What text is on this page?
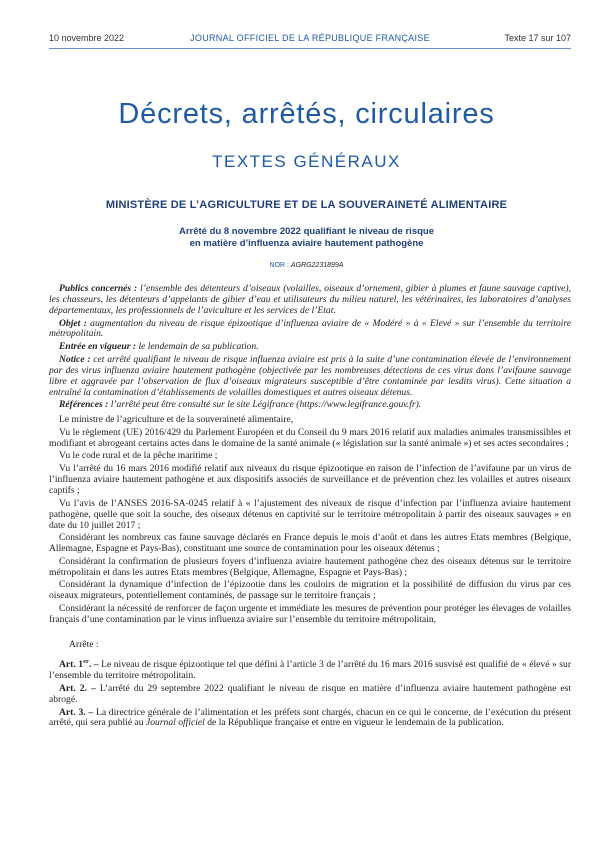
10 novembre 2022	JOURNAL OFFICIEL DE LA RÉPUBLIQUE FRANÇAISE	Texte 17 sur 107
Décrets, arrêtés, circulaires
TEXTES GÉNÉRAUX
MINISTÈRE DE L’AGRICULTURE ET DE LA SOUVERAINETÉ ALIMENTAIRE
Arrêté du 8 novembre 2022 qualifiant le niveau de risque
en matière d’influenza aviaire hautement pathogène
NOR : AGRG2231899A

Publics concernés : l’ensemble des détenteurs d’oiseaux (volailles, oiseaux d’ornement, gibier à plumes et faune sauvage captive), les chasseurs, les détenteurs d’appelants de gibier d’eau et utilisateurs du milieu naturel, les vétérinaires, les laboratoires d’analyses départementaux, les professionnels de l’aviculture et les services de l’Etat.

Objet : augmentation du niveau de risque épizootique d’influenza aviaire de « Modéré » à « Elevé » sur l’ensemble du territoire métropolitain.

Entrée en vigueur : le lendemain de sa publication.

Notice : cet arrêté qualifiant le niveau de risque influenza aviaire est pris à la suite d’une contamination élevée de l’environnement par des virus influenza aviaire hautement pathogène (objectivée par les nombreuses détections de ces virus dans l’avifaune sauvage libre et aggravée par l’observation de flux d’oiseaux migrateurs susceptible d’être contaminée par lesdits virus). Cette situation a entraîné la contamination d’établissements de volailles domestiques et autres oiseaux détenus.

Références : l’arrêté peut être consulté sur le site Légifrance (https://www.legifrance.gouv.fr).

Le ministre de l’agriculture et de la souveraineté alimentaire,

Vu le règlement (UE) 2016/429 du Parlement Européen et du Conseil du 9 mars 2016 relatif aux maladies animales transmissibles et modifiant et abrogeant certains actes dans le domaine de la santé animale (« législation sur la santé animale ») et ses actes secondaires ;

Vu le code rural et de la pêche maritime ;

Vu l’arrêté du 16 mars 2016 modifié relatif aux niveaux du risque épizootique en raison de l’infection de l’avifaune par un virus de l’influenza aviaire hautement pathogène et aux dispositifs associés de surveillance et de prévention chez les volailles et autres oiseaux captifs ;

Vu l’avis de l’ANSES 2016-SA-0245 relatif à « l’ajustement des niveaux de risque d’infection par l’influenza aviaire hautement pathogène, quelle que soit la souche, des oiseaux détenus en captivité sur le territoire métropolitain à partir des oiseaux sauvages » en date du 10 juillet 2017 ;

Considérant les nombreux cas faune sauvage déclarés en France depuis le mois d’août et dans les autres Etats membres (Belgique, Allemagne, Espagne et Pays-Bas), constituant une source de contamination pour les oiseaux détenus ;

Considérant la confirmation de plusieurs foyers d’influenza aviaire hautement pathogène chez des oiseaux détenus sur le territoire métropolitain et dans les autres Etats membres (Belgique, Allemagne, Espagne et Pays-Bas) ;

Considérant la dynamique d’infection de l’épizootie dans les couloirs de migration et la possibilité de diffusion du virus par ces oiseaux migrateurs, potentiellement contaminés, de passage sur le territoire français ;

Considérant la nécessité de renforcer de façon urgente et immédiate les mesures de prévention pour protéger les élevages de volailles français d’une contamination par le virus influenza aviaire sur l’ensemble du territoire métropolitain,

Arrête :

Art. 1er. – Le niveau de risque épizootique tel que défini à l’article 3 de l’arrêté du 16 mars 2016 susvisé est qualifié de « élevé » sur l’ensemble du territoire métropolitain.

Art. 2. – L’arrêté du 29 septembre 2022 qualifiant le niveau de risque en matière d’influenza aviaire hautement pathogène est abrogé.

Art. 3. – La directrice générale de l’alimentation et les préfets sont chargés, chacun en ce qui le concerne, de l’exécution du présent arrêté, qui sera publié au Journal officiel de la République française et entre en vigueur le lendemain de la publication.
